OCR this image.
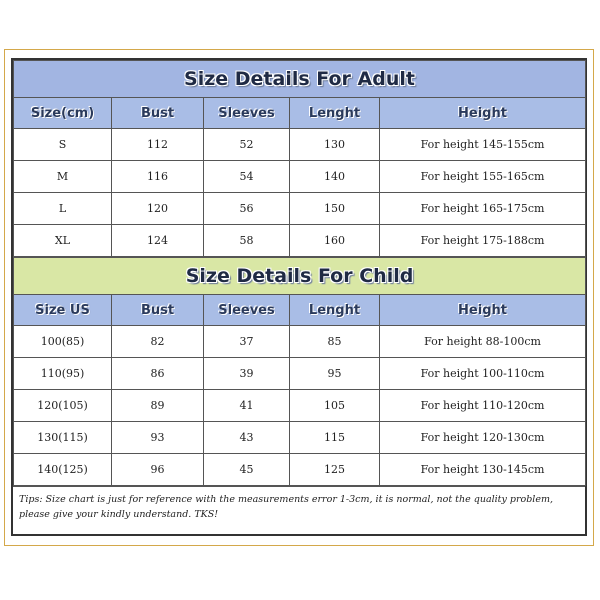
Size Details For Adult				
Size(cm)	Bust	Sleeves	Lenght	Height
S	112	52	130	For height 145-155cm
M	116	54	140	For height 155-165cm
L	120	56	150	For height 165-175cm
XL	124	58	160	For height 175-188cm
Size Details For Child				
Size US	Bust	Sleeves	Lenght	Height
100(85)	82	37	85	For height 88-100cm
110(95)	86	39	95	For height 100-110cm
120(105)	89	41	105	For height 110-120cm
130(115)	93	43	115	For height 120-130cm
140(125)	96	45	125	For height 130-145cm
Tips: Size chart is just for reference with the measurements error 1-3cm, it is normal, not the quality problem, please give your kindly understand. TKS!
